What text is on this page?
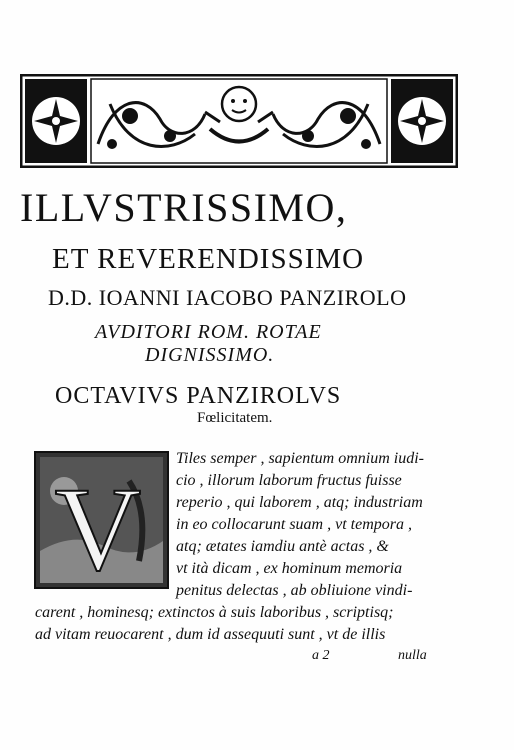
ILLVSTRISSIMO,
ET REVERENDISSIMO
D.D. IOANNI IACOBO PANZIROLO
AVDITORI ROM. ROTAE
DIGNISSIMO.
OCTAVIVS PANZIROLVS
Fœlicitatem.
V
Tiles semper , sapientum omnium iudi-
cio , illorum laborum fructus fuisse
reperio , qui laborem , atq; industriam
in eo collocarunt suam , vt tempora ,
atq; ætates iamdiu antè actas , &
vt ità dicam , ex hominum memoria
penitus delectas , ab obliuione vindi-
carent , hominesq; extinctos à suis laboribus , scriptisq;
ad vitam reuocarent , dum id assequuti sunt , vt de illis
a 2	nulla
